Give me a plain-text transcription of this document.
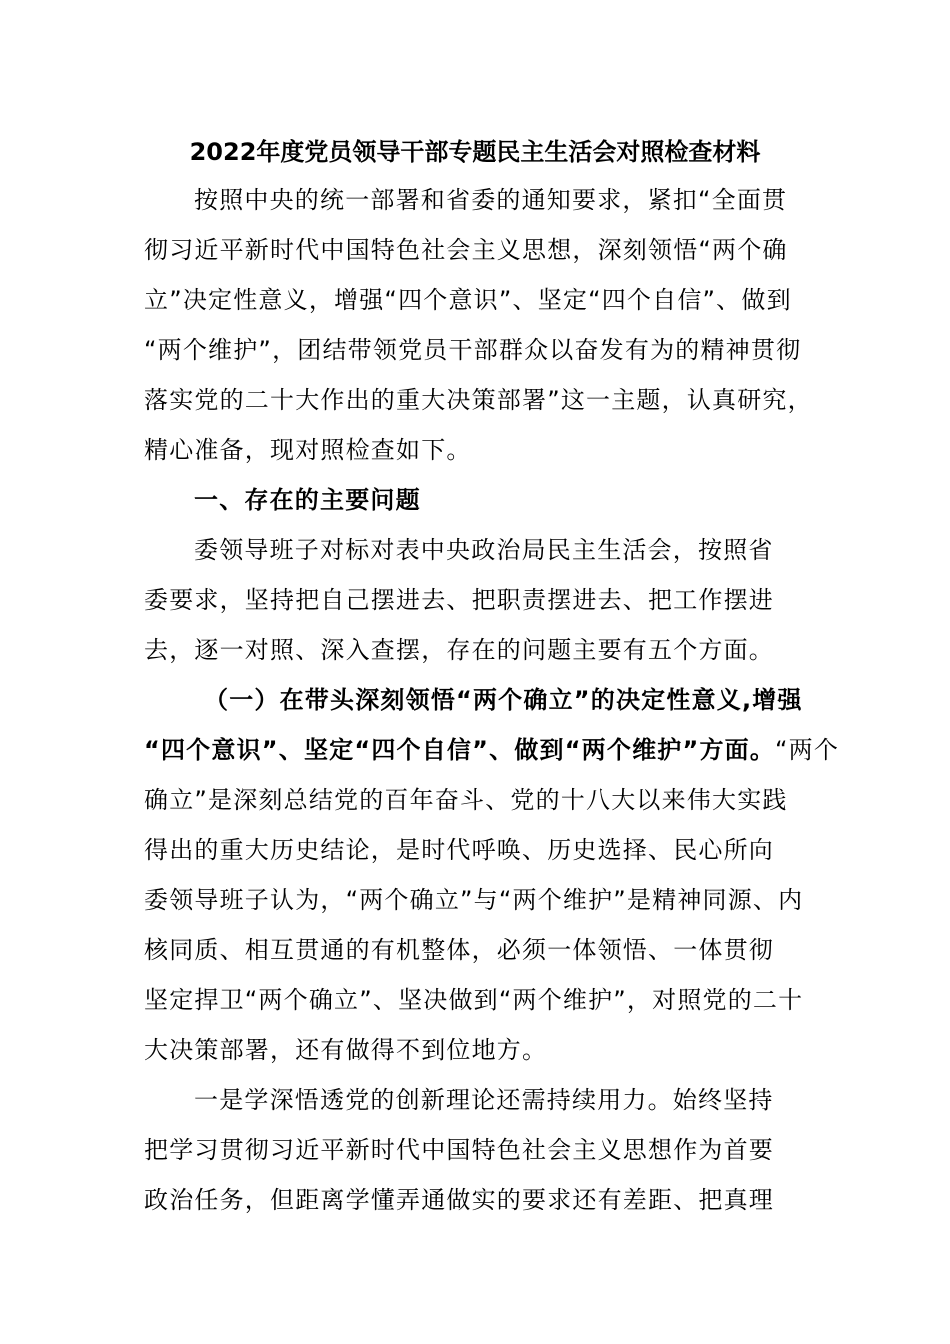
2022年度党员领导干部专题民主生活会对照检查材料
按照中央的统一部署和省委的通知要求，紧扣“全面贯
彻习近平新时代中国特色社会主义思想，深刻领悟“两个确
立”决定性意义，增强“四个意识”、坚定“四个自信”、做到
“两个维护”，团结带领党员干部群众以奋发有为的精神贯彻
落实党的二十大作出的重大决策部署”这一主题，认真研究，
精心准备，现对照检查如下。
一、存在的主要问题
委领导班子对标对表中央政治局民主生活会，按照省
委要求，坚持把自己摆进去、把职责摆进去、把工作摆进
去，逐一对照、深入查摆，存在的问题主要有五个方面。
（一）在带头深刻领悟“两个确立”的决定性意义,增强
“四个意识”、坚定“四个自信”、做到“两个维护”方面。“两个
确立”是深刻总结党的百年奋斗、党的十八大以来伟大实践
得出的重大历史结论，是时代呼唤、历史选择、民心所向
委领导班子认为，“两个确立”与“两个维护”是精神同源、内
核同质、相互贯通的有机整体，必须一体领悟、一体贯彻
坚定捍卫“两个确立”、坚决做到“两个维护”，对照党的二十
大决策部署，还有做得不到位地方。
一是学深悟透党的创新理论还需持续用力。始终坚持
把学习贯彻习近平新时代中国特色社会主义思想作为首要
政治任务，但距离学懂弄通做实的要求还有差距、把真理
